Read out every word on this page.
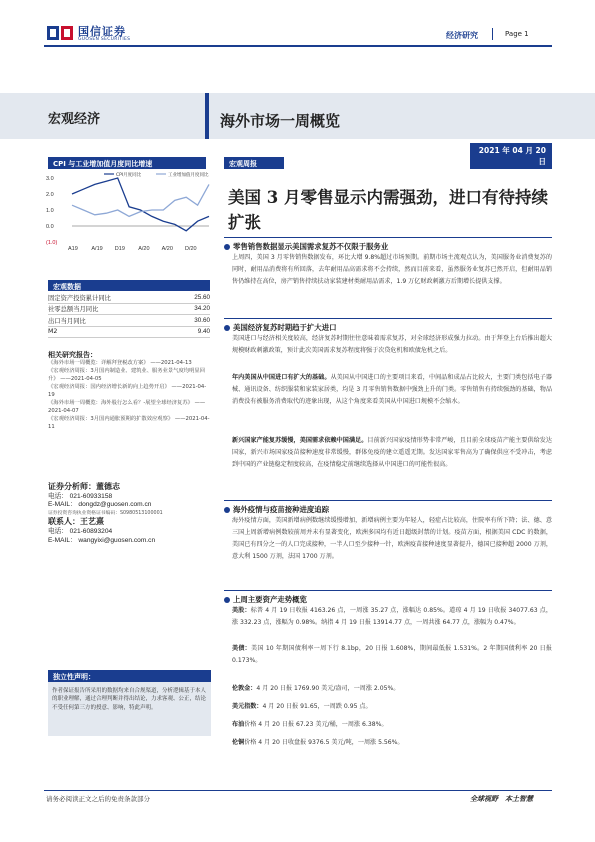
国信证券
GUOSEN SECURITIES	经济研究	Page 1
宏观经济	海外市场一周概览
2021 年 04 月 20 日
CPI 与工业增加值月度同比增速
3.0
2.0
1.0
0.0
(1.0)
A19 A/19 D19 A/20 A/20 D/20
CPI月度同比	工业增加值月度同比
宏观数据
固定资产投资累计同比	25.60
社零总额当月同比	34.20
出口当月同比	30.60
M2	9.40
相关研究报告：
《海外市场一周概览：详解拜登税改方案》 ——2021-04-13
《宏观经济周报：3月国内制造业、建筑业、服务业景气度均明显回升》 ——2021-04-05
《宏观经济周报：国内经济增长新的向上趋势开启》 ——2021-04-19
《海外市场一周概览：海外股行怎么看？-展望全球经济复苏》 ——2021-04-07
《宏观经济周报：3月国内通胀预期的扩散效应观察》 ——2021-04-11
证券分析师：董德志
电话： 021-60933158
E-MAIL： dongdz@guosen.com.cn
证券投资咨询执业资格证书编码：S0980513100001
联系人：王艺熹
电话： 021-60893204
E-MAIL： wangyixi@guosen.com.cn
独立性声明：
作者保证报告所采用的数据均来自合规渠道，分析逻辑基于本人的职业理解，通过合理判断并得出结论，力求客观、公正，结论不受任何第三方的授意、影响，特此声明。
宏观周报
美国 3 月零售显示内需强劲，进口有待持续扩张
零售销售数据显示美国需求复苏不仅限于服务业
上周四，美国 3 月零售销售数据发布，环比大增 9.8%超过市场预期。前期市场主流观点认为，美国服务业消费复苏的同时，耐用品消费将有所回落，去年耐用品高需求将不会持续，然而目前来看，虽然服务业复苏已然开启，但耐用品销售仍维持在高位，房产销售持续扶动家装建材类耐用品需求，1.9 万亿财政刺激方后期增长提供支撑。
美国经济复苏时期趋于扩大进口
美国进口与经济相关度较高，经济复苏时期往往意味着需求复苏，对全球经济形成强力拉动。由于拜登上台后推出超大规模财政刺激政策，预计此次美国需求复苏程度将强于次贷危机和欧债危机之后。
年内美国从中国进口有扩大的基础。从美国从中国进口的主要项目来看，中间品和成品占比较大，主要门类包括电子器械、通讯设备、纺织服装和家装家居类，均是 3 月零售销售数据中强劲上升的门类。零售销售有持续强劲的基础，物品消费没有被服务消费取代的迹象出现，从这个角度来看美国从中国进口规模不会缩水。
新兴国家产能复苏缓慢，美国需求依赖中国满足。目前新兴国家疫情形势非常严峻，且目前全球疫苗产能主要供给发达国家，新兴市场国家疫苗接种速度非常缓慢，群体免疫的建立遥遥无期。发达国家零售高为了确保供应不受冲击，考虑到中国的产业链稳定程度较高，在疫情稳定前继续选择从中国进口的可能性很高。
海外疫情与疫苗接种进度追踪
海外疫情方面，美国新增病例数继续缓慢增加，新增病例主要为年轻人，轻症占比较高，住院率有所下降；法、德、意三国上周新增病例数较前周并未有显著变化，欧洲多国均有近日超级封禁的计划。疫苗方面，根据美国 CDC 的数据，美国已有四分之一的人口完成接种，一半人口至少接种一针，欧洲疫苗接种速度显著提升，德国已接种超 2000 万剂，意大利 1500 万剂，法国 1700 万剂。
上周主要资产走势概览
美股：标普 4 月 19 日收报 4163.26 点，一周涨 35.27 点，涨幅达 0.85%。道琼 4 月 19 日收报 34077.63 点，涨 332.23 点，涨幅为 0.98%。纳指 4 月 19 日报 13914.77 点，一周共涨 64.77 点，涨幅为 0.47%。
美债：美国 10 年期国债利率一周下行 8.1bp，20 日报 1.608%，期间最低报 1.531%。2 年期国债利率 20 日报 0.173%。
伦敦金：4 月 20 日报 1769.90 美元/盎司，一周涨 2.05%。
美元指数：4 月 20 日报 91.65，一周跌 0.95 点。
布油价格 4 月 20 日报 67.23 美元/桶，一周涨 6.38%。
伦铜价格 4 月 20 日收盘报 9376.5 美元/吨，一周涨 5.56%。
请务必阅读正文之后的免责条款部分	全球视野　本土智慧
